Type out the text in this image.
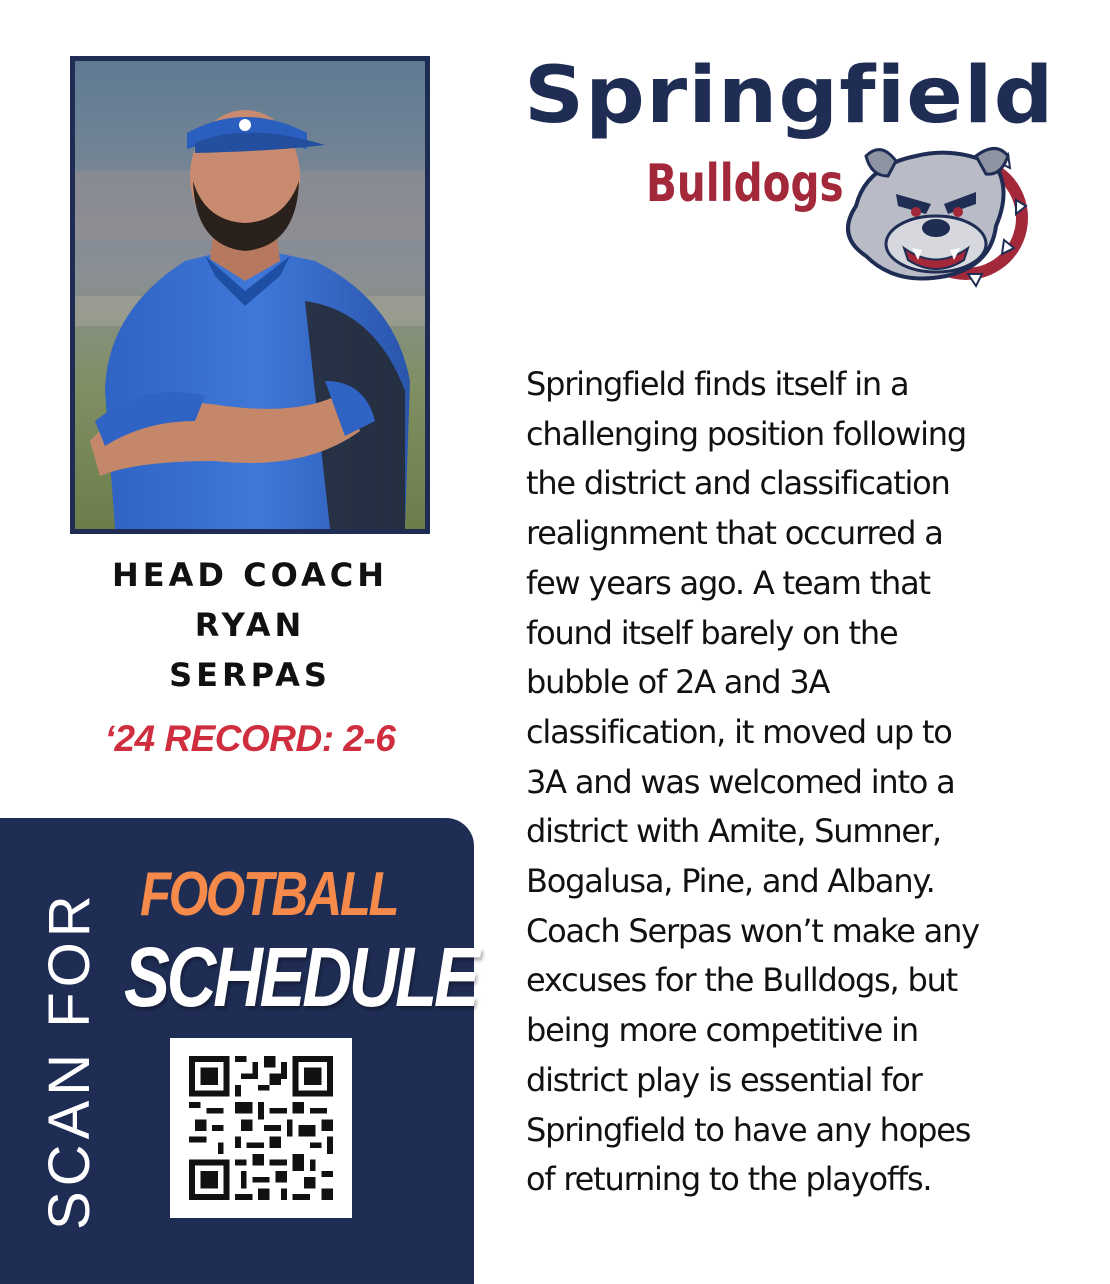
HEAD COACH
RYAN
SERPAS
‘24 RECORD: 2-6
SCAN FOR FOOTBALL
SCHEDULE
Springfield
Bulldogs
Springfield finds itself in a
challenging position following
the district and classification
realignment that occurred a
few years ago. A team that
found itself barely on the
bubble of 2A and 3A
classification, it moved up to
3A and was welcomed into a
district with Amite, Sumner,
Bogalusa, Pine, and Albany.
Coach Serpas won’t make any
excuses for the Bulldogs, but
being more competitive in
district play is essential for
Springfield to have any hopes
of returning to the playoffs.
